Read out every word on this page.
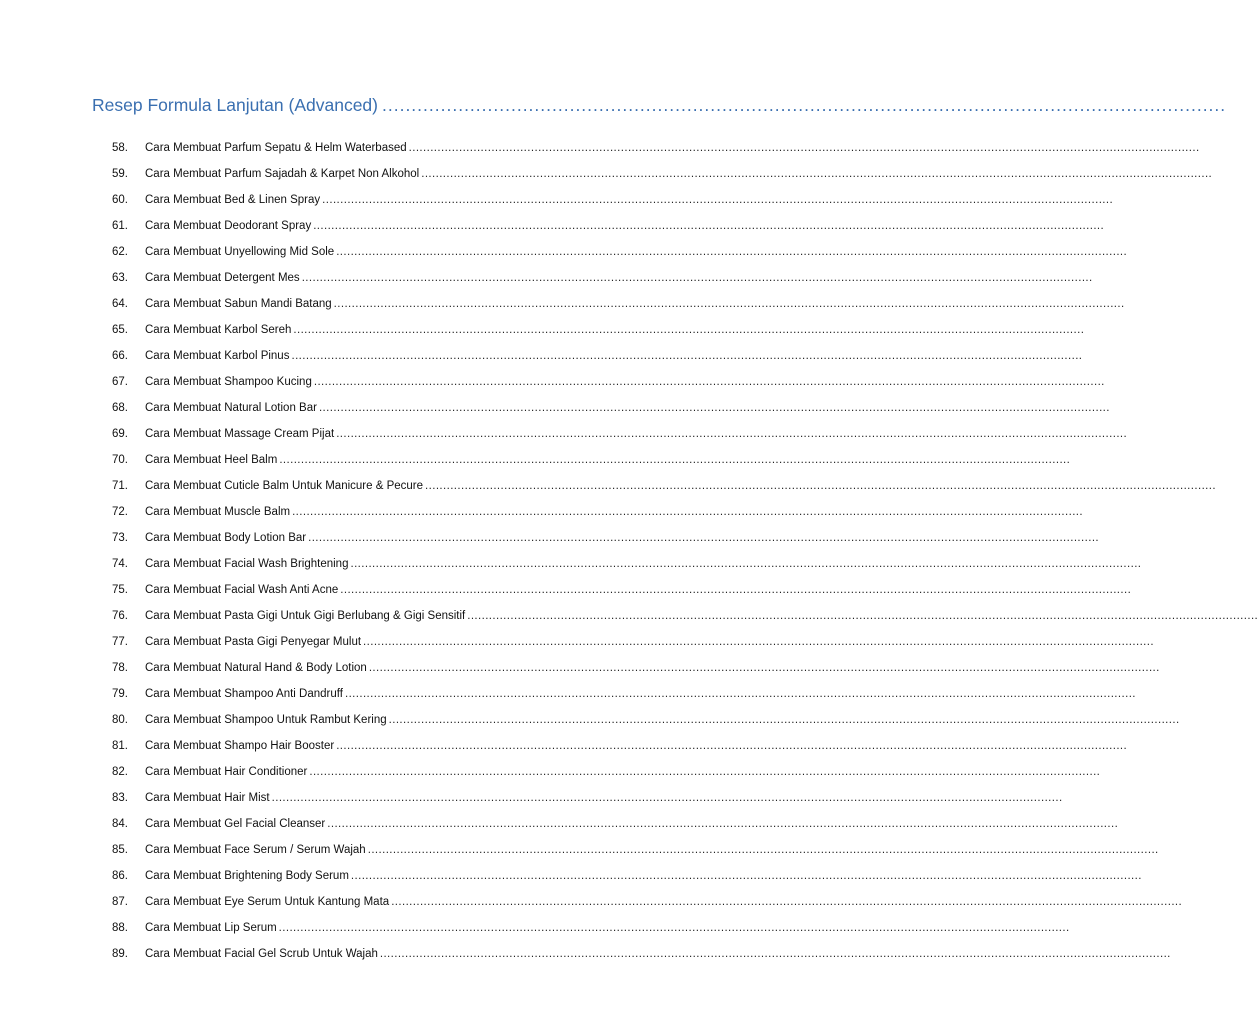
Resep Formula Lanjutan (Advanced) ................................................................................................................................................
58.	Cara Membuat Parfum Sepatu & Helm Waterbased ............................................................................................................................................................................................................................
59.	Cara Membuat Parfum Sajadah & Karpet Non Alkohol ............................................................................................................................................................................................................................
60.	Cara Membuat Bed & Linen Spray ............................................................................................................................................................................................................................
61.	Cara Membuat Deodorant Spray ............................................................................................................................................................................................................................
62.	Cara Membuat Unyellowing Mid Sole ............................................................................................................................................................................................................................
63.	Cara Membuat Detergent Mes ............................................................................................................................................................................................................................
64.	Cara Membuat Sabun Mandi Batang ............................................................................................................................................................................................................................
65.	Cara Membuat Karbol Sereh ............................................................................................................................................................................................................................
66.	Cara Membuat Karbol Pinus ............................................................................................................................................................................................................................
67.	Cara Membuat Shampoo Kucing ............................................................................................................................................................................................................................
68.	Cara Membuat Natural Lotion Bar ............................................................................................................................................................................................................................
69.	Cara Membuat Massage Cream Pijat ............................................................................................................................................................................................................................
70.	Cara Membuat Heel Balm ............................................................................................................................................................................................................................
71.	Cara Membuat Cuticle Balm Untuk Manicure & Pecure ............................................................................................................................................................................................................................
72.	Cara Membuat Muscle Balm ............................................................................................................................................................................................................................
73.	Cara Membuat Body Lotion Bar ............................................................................................................................................................................................................................
74.	Cara Membuat Facial Wash Brightening ............................................................................................................................................................................................................................
75.	Cara Membuat Facial Wash Anti Acne ............................................................................................................................................................................................................................
76.	Cara Membuat Pasta Gigi Untuk Gigi Berlubang & Gigi Sensitif ............................................................................................................................................................................................................................
77.	Cara Membuat Pasta Gigi Penyegar Mulut ............................................................................................................................................................................................................................
78.	Cara Membuat Natural Hand & Body Lotion ............................................................................................................................................................................................................................
79.	Cara Membuat Shampoo Anti Dandruff ............................................................................................................................................................................................................................
80.	Cara Membuat Shampoo Untuk Rambut Kering ............................................................................................................................................................................................................................
81.	Cara Membuat Shampo Hair Booster ............................................................................................................................................................................................................................
82.	Cara Membuat Hair Conditioner ............................................................................................................................................................................................................................
83.	Cara Membuat Hair Mist ............................................................................................................................................................................................................................
84.	Cara Membuat Gel Facial Cleanser ............................................................................................................................................................................................................................
85.	Cara Membuat Face Serum / Serum Wajah ............................................................................................................................................................................................................................
86.	Cara Membuat Brightening Body Serum ............................................................................................................................................................................................................................
87.	Cara Membuat Eye Serum Untuk Kantung Mata ............................................................................................................................................................................................................................
88.	Cara Membuat Lip Serum ............................................................................................................................................................................................................................
89.	Cara Membuat Facial Gel Scrub Untuk Wajah ............................................................................................................................................................................................................................
